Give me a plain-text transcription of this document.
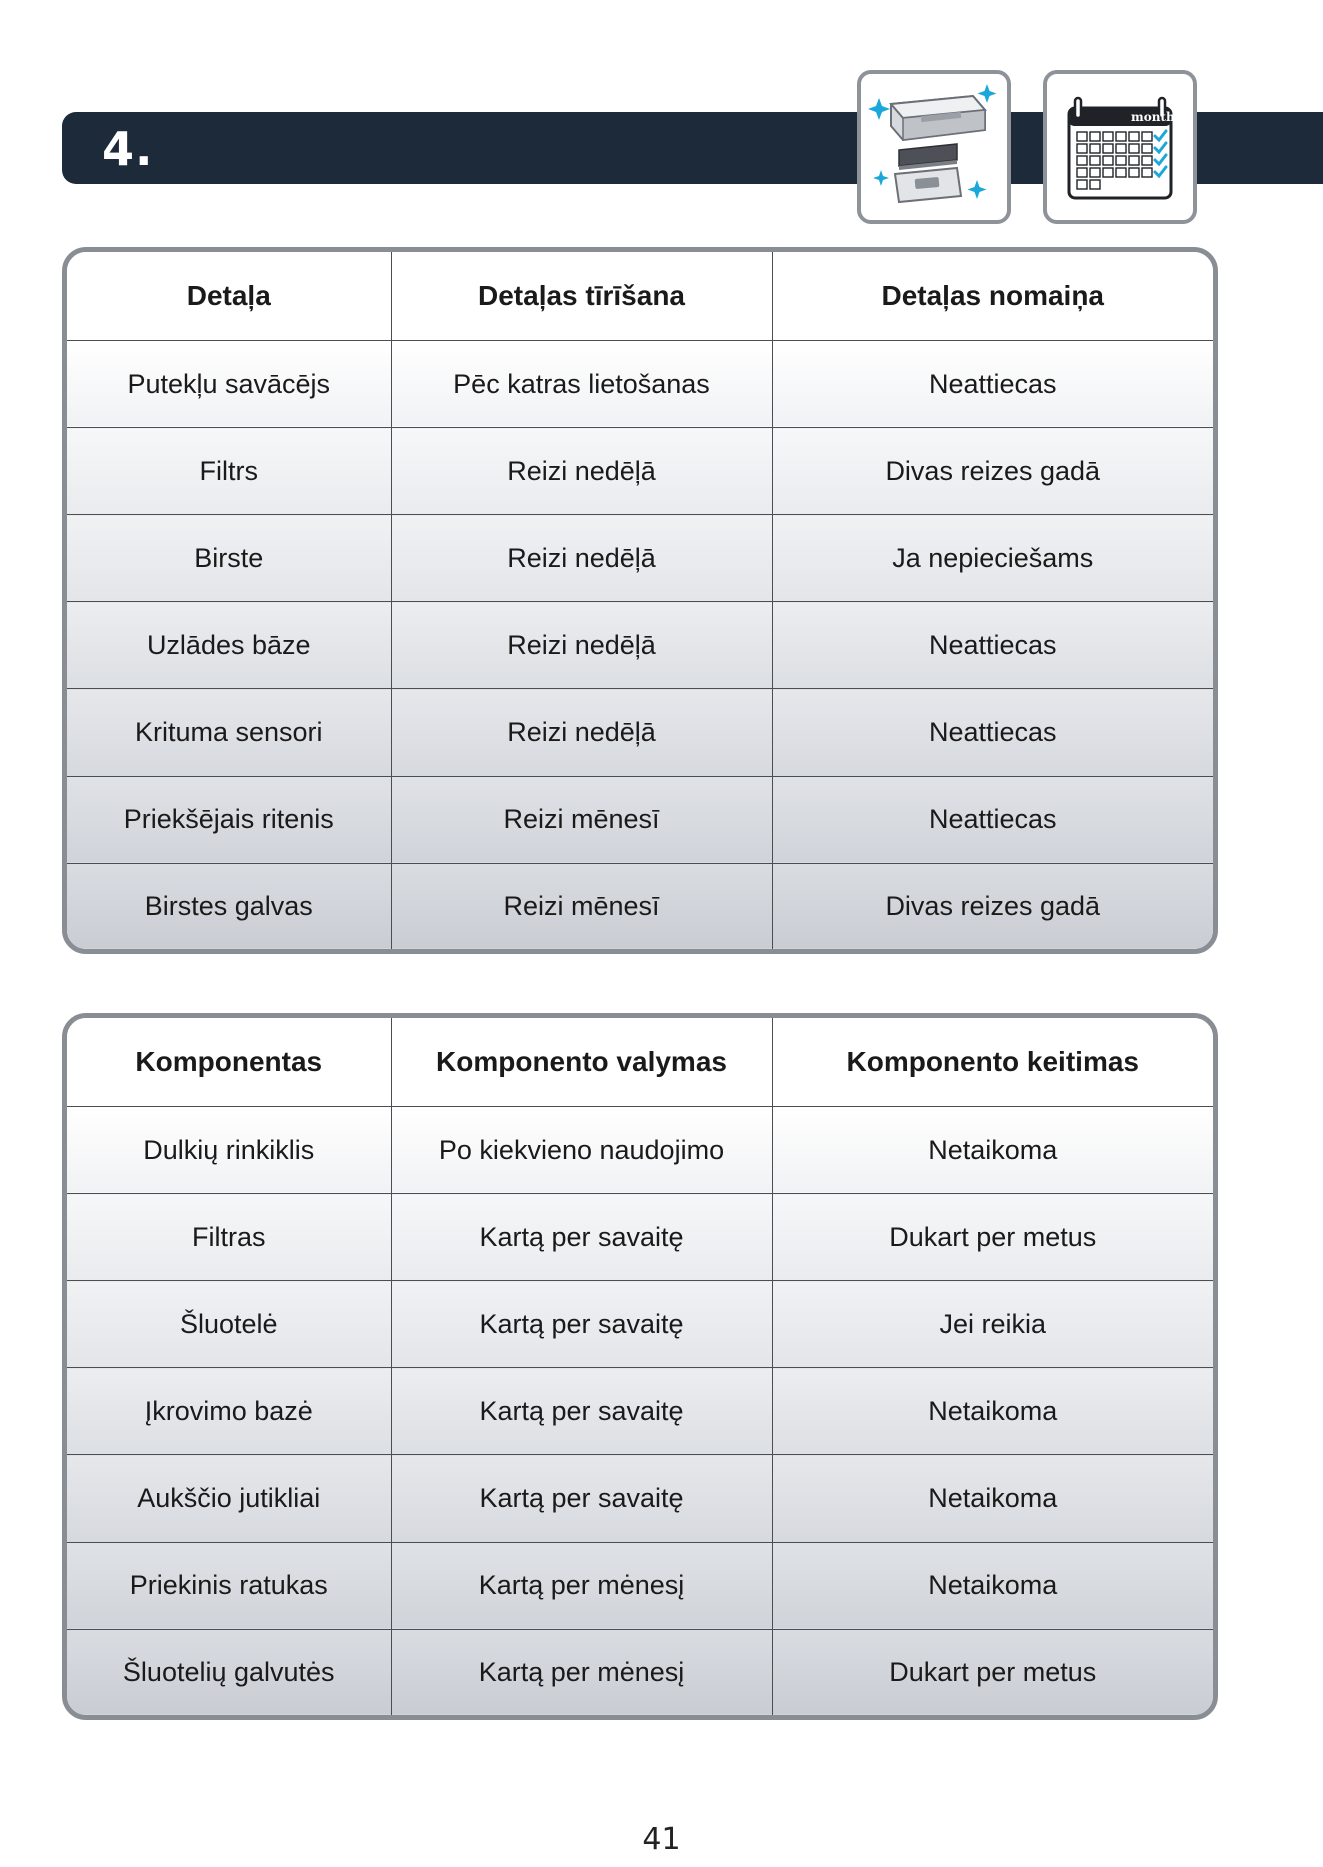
4.
month
Detaļa	Detaļas tīrīšana	Detaļas nomaiņa
Putekļu savācējs	Pēc katras lietošanas	Neattiecas
Filtrs	Reizi nedēļā	Divas reizes gadā
Birste	Reizi nedēļā	Ja nepieciešams
Uzlādes bāze	Reizi nedēļā	Neattiecas
Krituma sensori	Reizi nedēļā	Neattiecas
Priekšējais ritenis	Reizi mēnesī	Neattiecas
Birstes galvas	Reizi mēnesī	Divas reizes gadā
Komponentas	Komponento valymas	Komponento keitimas
Dulkių rinkiklis	Po kiekvieno naudojimo	Netaikoma
Filtras	Kartą per savaitę	Dukart per metus
Šluotelė	Kartą per savaitę	Jei reikia
Įkrovimo bazė	Kartą per savaitę	Netaikoma
Aukščio jutikliai	Kartą per savaitę	Netaikoma
Priekinis ratukas	Kartą per mėnesį	Netaikoma
Šluotelių galvutės	Kartą per mėnesį	Dukart per metus
41
